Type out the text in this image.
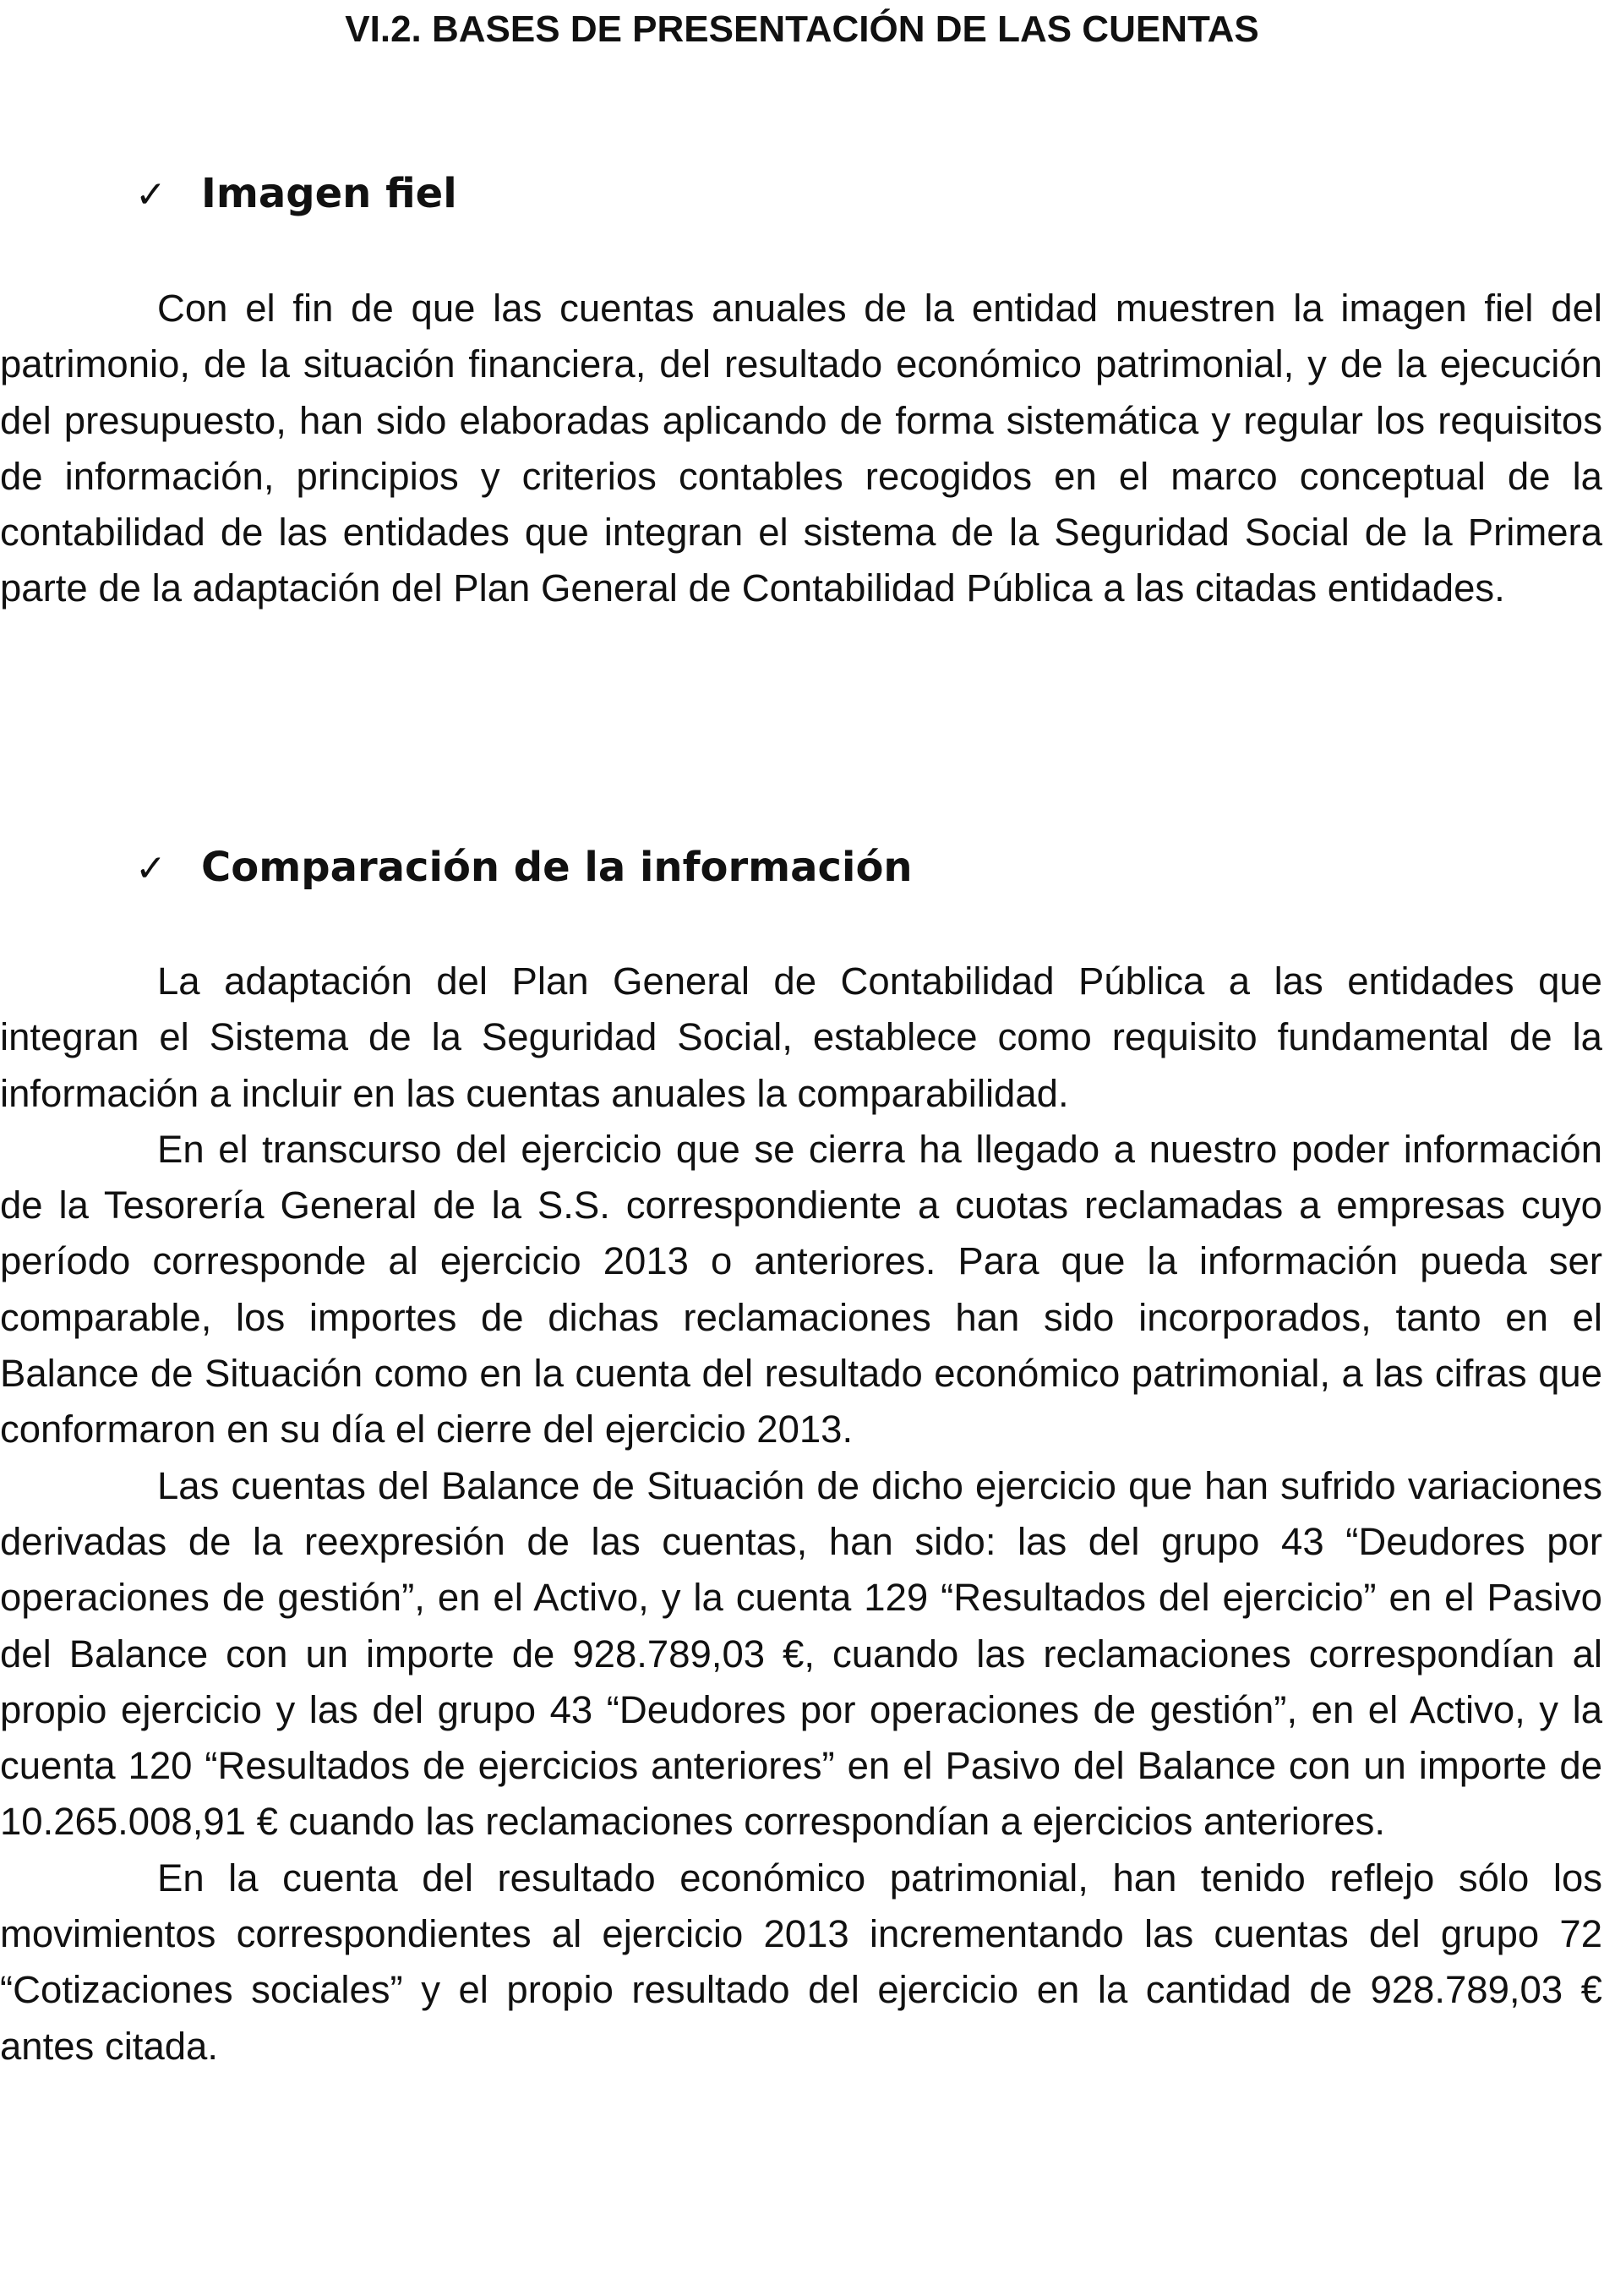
VI.2. BASES DE PRESENTACIÓN DE LAS CUENTAS
✓ Imagen fiel

Con el fin de que las cuentas anuales de la entidad muestren la imagen fiel del patrimonio, de la situación financiera, del resultado económico patrimonial, y de la ejecución del presupuesto, han sido elaboradas aplicando de forma sistemática y regular los requisitos de información, principios y criterios contables recogidos en el marco conceptual de la contabilidad de las entidades que integran el sistema de la Seguridad Social de la Primera parte de la adaptación del Plan General de Contabilidad Pública a las citadas entidades.

✓ Comparación de la información

La adaptación del Plan General de Contabilidad Pública a las entidades que integran el Sistema de la Seguridad Social, establece como requisito fundamental de la información a incluir en las cuentas anuales la comparabilidad.

En el transcurso del ejercicio que se cierra ha llegado a nuestro poder información de la Tesorería General de la S.S. correspondiente a cuotas reclamadas a empresas cuyo período corresponde al ejercicio 2013 o anteriores. Para que la información pueda ser comparable, los importes de dichas reclamaciones han sido incorporados, tanto en el Balance de Situación como en la cuenta del resultado económico patrimonial, a las cifras que conformaron en su día el cierre del ejercicio 2013.

Las cuentas del Balance de Situación de dicho ejercicio que han sufrido variaciones derivadas de la reexpresión de las cuentas, han sido: las del grupo 43 “Deudores por operaciones de gestión”, en el Activo, y la cuenta 129 “Resultados del ejercicio” en el Pasivo del Balance con un importe de 928.789,03 €, cuando las reclamaciones correspondían al propio ejercicio y las del grupo 43 “Deudores por operaciones de gestión”, en el Activo, y la cuenta 120 “Resultados de ejercicios anteriores” en el Pasivo del Balance con un importe de 10.265.008,91 € cuando las reclamaciones correspondían a ejercicios anteriores.

En la cuenta del resultado económico patrimonial, han tenido reflejo sólo los movimientos correspondientes al ejercicio 2013 incrementando las cuentas del grupo 72 “Cotizaciones sociales” y el propio resultado del ejercicio en la cantidad de 928.789,03 € antes citada.
